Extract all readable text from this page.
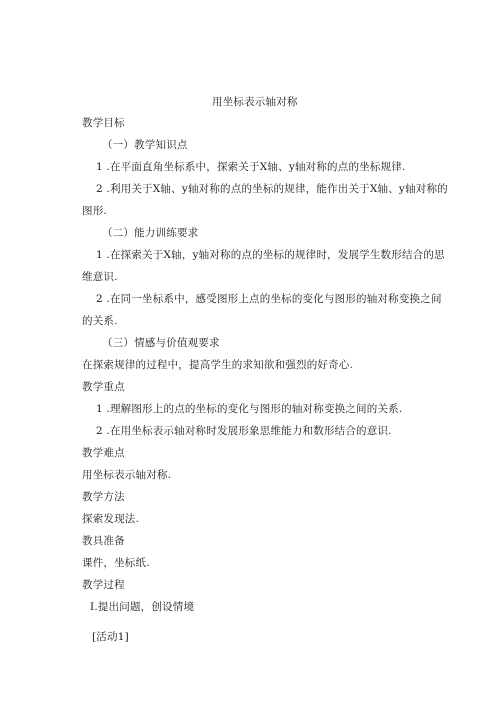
用坐标表示轴对称
教学目标
（一）教学知识点
1 .在平面直角坐标系中，探索关于X轴、y轴对称的点的坐标规律.
2 .利用关于X轴、y轴对称的点的坐标的规律，能作出关于X轴、y轴对称的
图形.
（二）能力训练要求
1 .在探索关于X轴，y轴对称的点的坐标的规律时，发展学生数形结合的思
维意识.
2 .在同一坐标系中，感受图形上点的坐标的变化与图形的轴对称变换之间
的关系.
（三）情感与价值观要求
在探索规律的过程中，提高学生的求知欲和强烈的好奇心.
教学重点
1 .理解图形上的点的坐标的变化与图形的轴对称变换之间的关系.
2 .在用坐标表示轴对称时发展形象思维能力和数形结合的意识.
教学难点
用坐标表示轴对称.
教学方法
探索发现法.
教具准备
课件，坐标纸.
教学过程
I.提出问题，创设情境
[活动1]
